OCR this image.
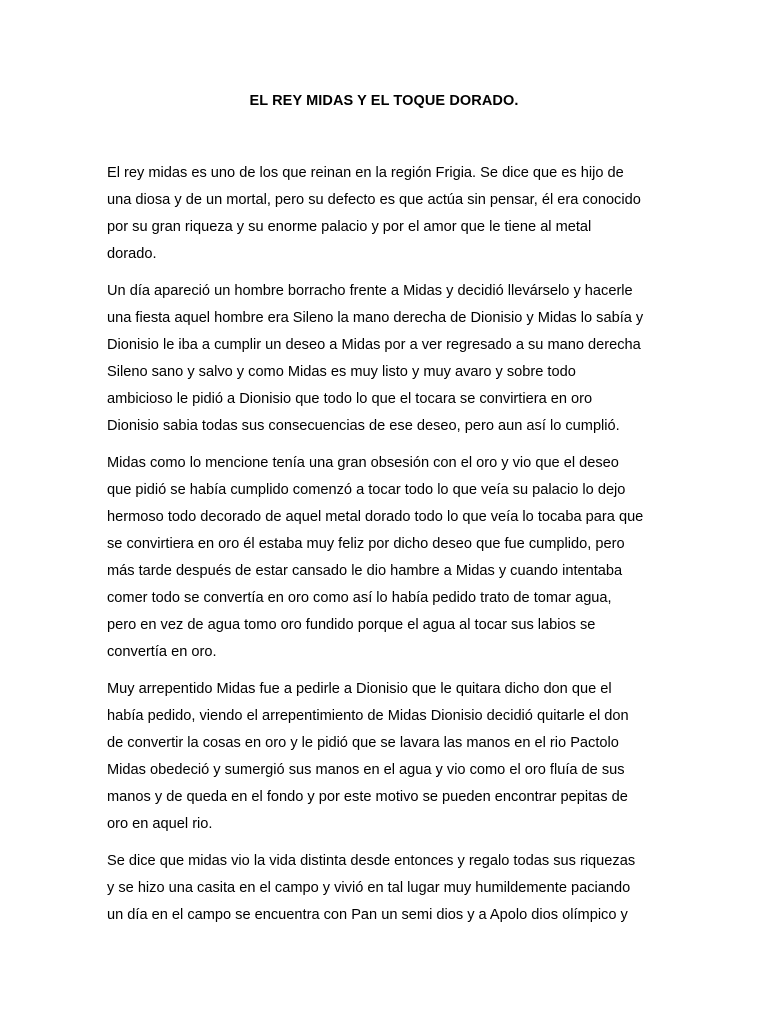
EL REY MIDAS Y EL TOQUE DORADO.

El rey midas es uno de los que reinan en la región Frigia. Se dice que es hijo de
una diosa y de un mortal, pero su defecto es que actúa sin pensar, él era conocido
por su gran riqueza y su enorme palacio y por el amor que le tiene al metal
dorado.

Un día apareció un hombre borracho frente a Midas y decidió llevárselo y hacerle
una fiesta aquel hombre era Sileno la mano derecha de Dionisio y Midas lo sabía y
Dionisio le iba a cumplir un deseo a Midas por a ver regresado a su mano derecha
Sileno sano y salvo y como Midas es muy listo y muy avaro y sobre todo
ambicioso le pidió a Dionisio que todo lo que el tocara se convirtiera en oro
Dionisio sabia todas sus consecuencias de ese deseo, pero aun así lo cumplió.

Midas como lo mencione tenía una gran obsesión con el oro y vio que el deseo
que pidió se había cumplido comenzó a tocar todo lo que veía su palacio lo dejo
hermoso todo decorado de aquel metal dorado todo lo que veía lo tocaba para que
se convirtiera en oro él estaba muy feliz por dicho deseo que fue cumplido, pero
más tarde después de estar cansado le dio hambre a Midas y cuando intentaba
comer todo se convertía en oro como así lo había pedido trato de tomar agua,
pero en vez de agua tomo oro fundido porque el agua al tocar sus labios se
convertía en oro.

Muy arrepentido Midas fue a pedirle a Dionisio que le quitara dicho don que el
había pedido, viendo el arrepentimiento de Midas Dionisio decidió quitarle el don
de convertir la cosas en oro y le pidió que se lavara las manos en el rio Pactolo
Midas obedeció y sumergió sus manos en el agua y vio como el oro fluía de sus
manos y de queda en el fondo y por este motivo se pueden encontrar pepitas de
oro en aquel rio.

Se dice que midas vio la vida distinta desde entonces y regalo todas sus riquezas
y se hizo una casita en el campo y vivió en tal lugar muy humildemente paciando
un día en el campo se encuentra con Pan un semi dios y a Apolo dios olímpico y
